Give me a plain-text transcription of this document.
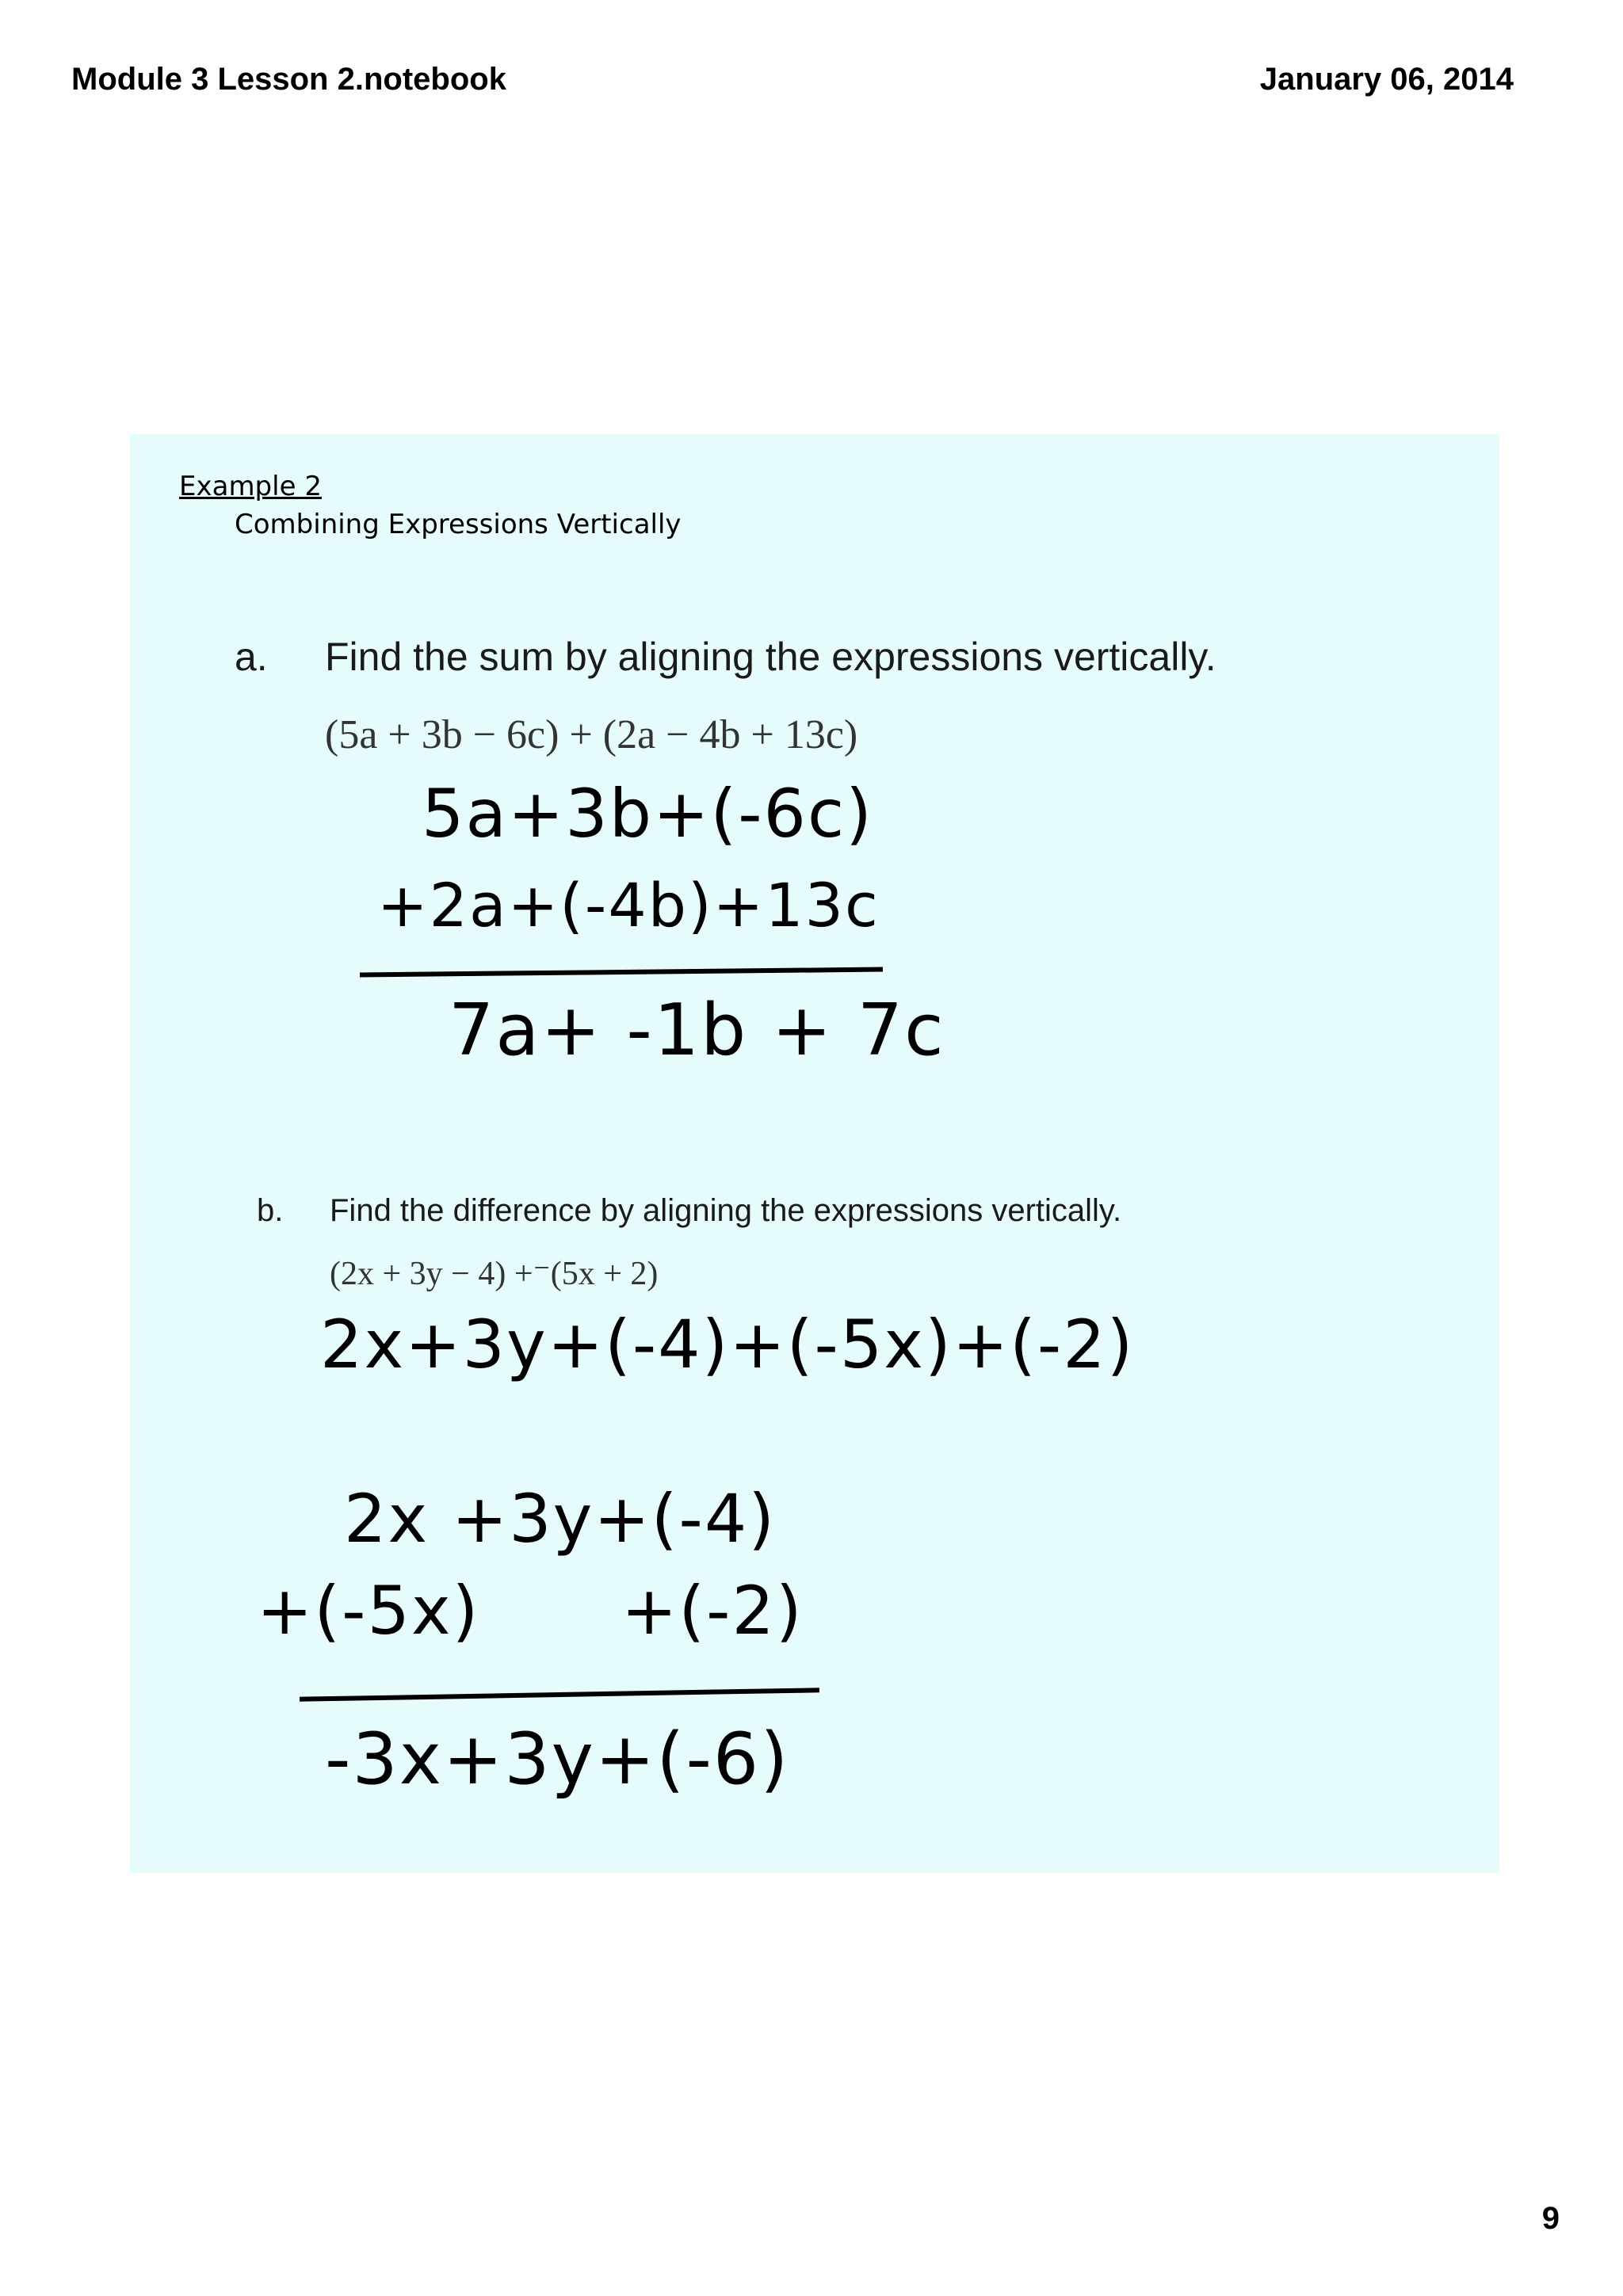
Module 3 Lesson 2.notebook	January 06, 2014
Example 2
Combining Expressions Vertically
a. Find the sum by aligning the expressions vertically.
(5a + 3b − 6c) + (2a − 4b + 13c)
5a+3b+(-6c)
+2a+(-4b)+13c
7a+ -1b + 7c
b. Find the difference by aligning the expressions vertically.
(2x + 3y − 4) +⁻(5x + 2)
2x+3y+(-4)+(-5x)+(-2)
2x +3y+(-4)
+(-5x) +(-2)
-3x+3y+(-6)
9
